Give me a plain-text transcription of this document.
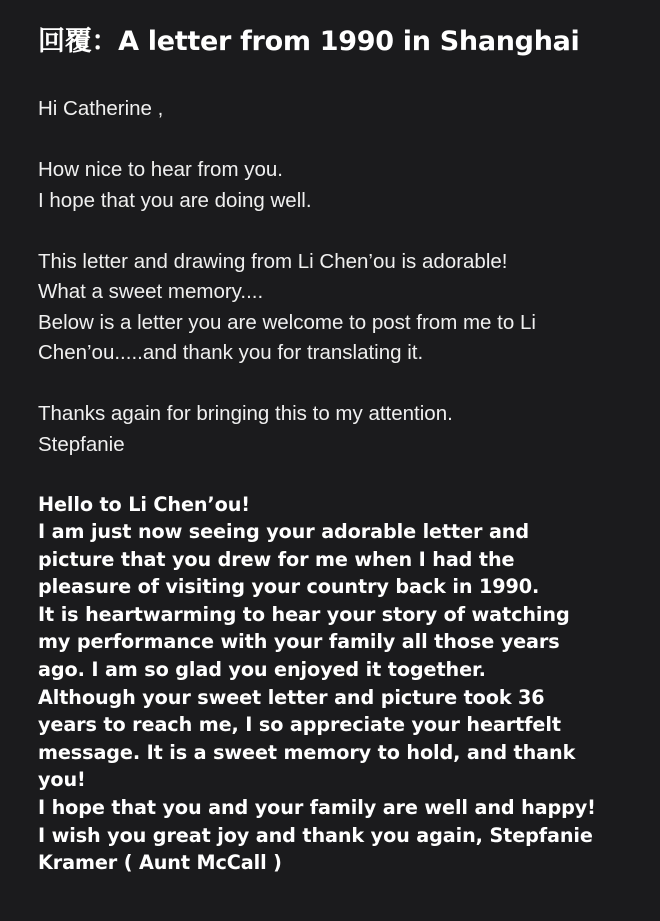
回覆：A letter from 1990 in Shanghai
Hi Catherine ,
How nice to hear from you.
I hope that you are doing well.
This letter and drawing from Li Chen’ou is adorable!
What a sweet memory....
Below is a letter you are welcome to post from me to Li
Chen’ou.....and thank you for translating it.
Thanks again for bringing this to my attention.
Stepfanie
Hello to Li Chen’ou!
I am just now seeing your adorable letter and
picture that you drew for me when I had the
pleasure of visiting your country back in 1990.
It is heartwarming to hear your story of watching
my performance with your family all those years
ago. I am so glad you enjoyed it together.
Although your sweet letter and picture took 36
years to reach me, I so appreciate your heartfelt
message. It is a sweet memory to hold, and thank
you!
I hope that you and your family are well and happy!
I wish you great joy and thank you again, Stepfanie
Kramer ( Aunt McCall )
